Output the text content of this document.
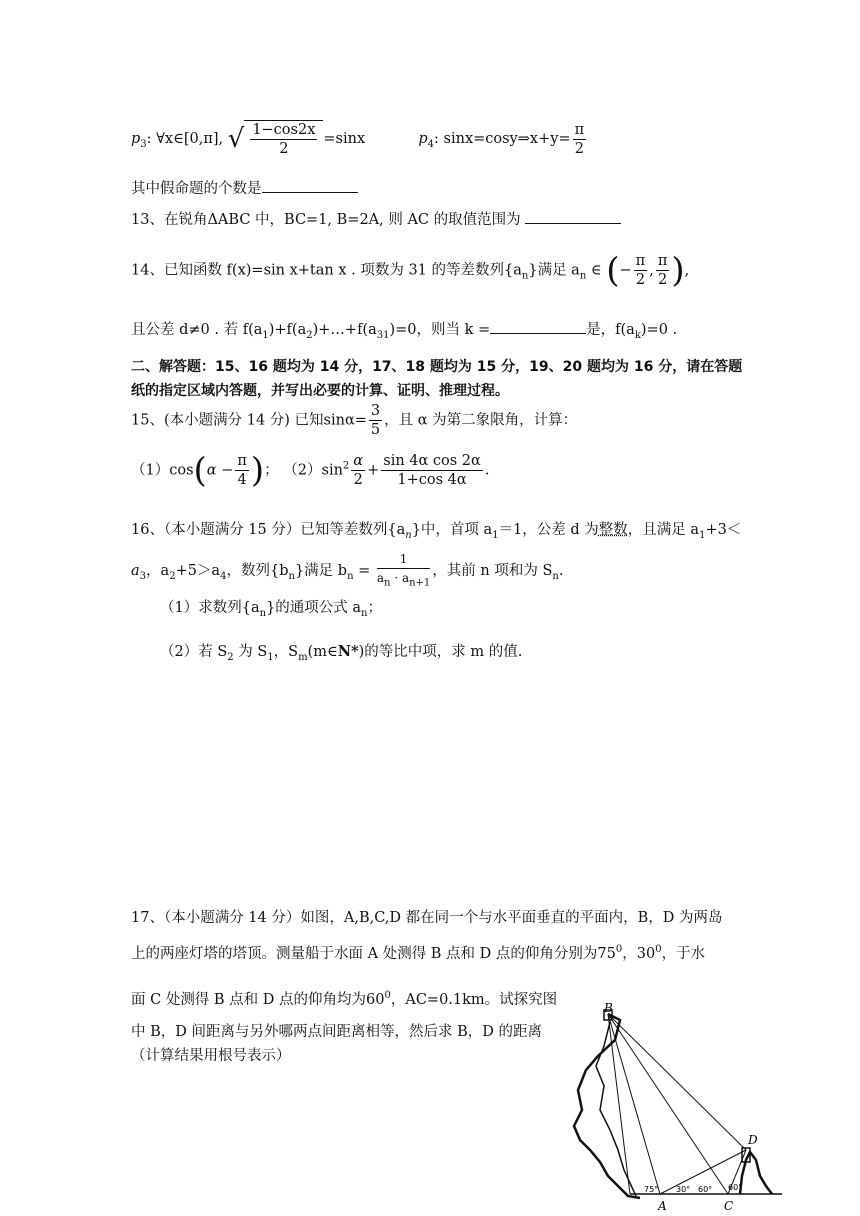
$p_3$: ∀x∈[0,π], √ $\frac{1-\cos 2x}{2} =\sin x$	$p_4$: sinx=cosy⇒x+y= $\frac{\pi}{2}$
其中假命题的个数是
13、在锐角ΔABC 中，BC=1, B=2A, 则 AC 的取值范围为
14、已知函数 f(x)=sin x+tan x . 项数为 31 的等差数列$\{a_n\}$满足 $a_n$ ∈ (− $\frac{\pi}{2}$ , $\frac{\pi}{2}$ ),
且公差 d≠0 . 若 $f(a_1)+f(a_2)+\dots+f(a_{31})=0$，则当 k =	是，$f(a_k)=0$ .
二、解答题：15、16 题均为 14 分，17、18 题均为 15 分，19、20 题均为 16 分，请在答题
纸的指定区域内答题，并写出必要的计算、证明、推理过程。
15、(本小题满分 14 分) 已知$\sin\alpha= \frac{3}{5}$ ，且 α 为第二象限角，计算：
$(1)\cos(\alpha - \frac{\pi}{4}$ )； $(2)\sin^2 \frac{\alpha}{2} + \frac{\text{sin 4α cos 2α}}{1+\cos 4\alpha}$ .
16、（本小题满分 15 分）已知等差数列$\{a_n\}$中，首项 $a_1=1$，公差 d 为整数，且满足 $a_1+3<$
$a_3$，$a_2+5>a_4$，数列$\{b_n\}$满足 $b_n = \frac{1}{a_n \cdot a_{n+1}}$ ，其前 n 项和为 $S_n$.
（1）求数列$\{a_n\}$的通项公式 $a_n$；
（2）若 $S_2$ 为 $S_1$，$S_m(m\in N*)$的等比中项，求 m 的值.
17、（本小题满分 14 分）如图，A,B,C,D 都在同一个与水平面垂直的平面内，B，D 为两岛
上的两座灯塔的塔顶。测量船于水面 A 处测得 B 点和 D 点的仰角分别为$75^0$，$30^0$，于水
面 C 处测得 B 点和 D 点的仰角均为$60^0$，AC=0.1km。试探究图
中 B，D 间距离与另外哪两点间距离相等，然后求 B，D 的距离
（计算结果用根号表示）
B
D
A	C
75° 30° 60° 60°
